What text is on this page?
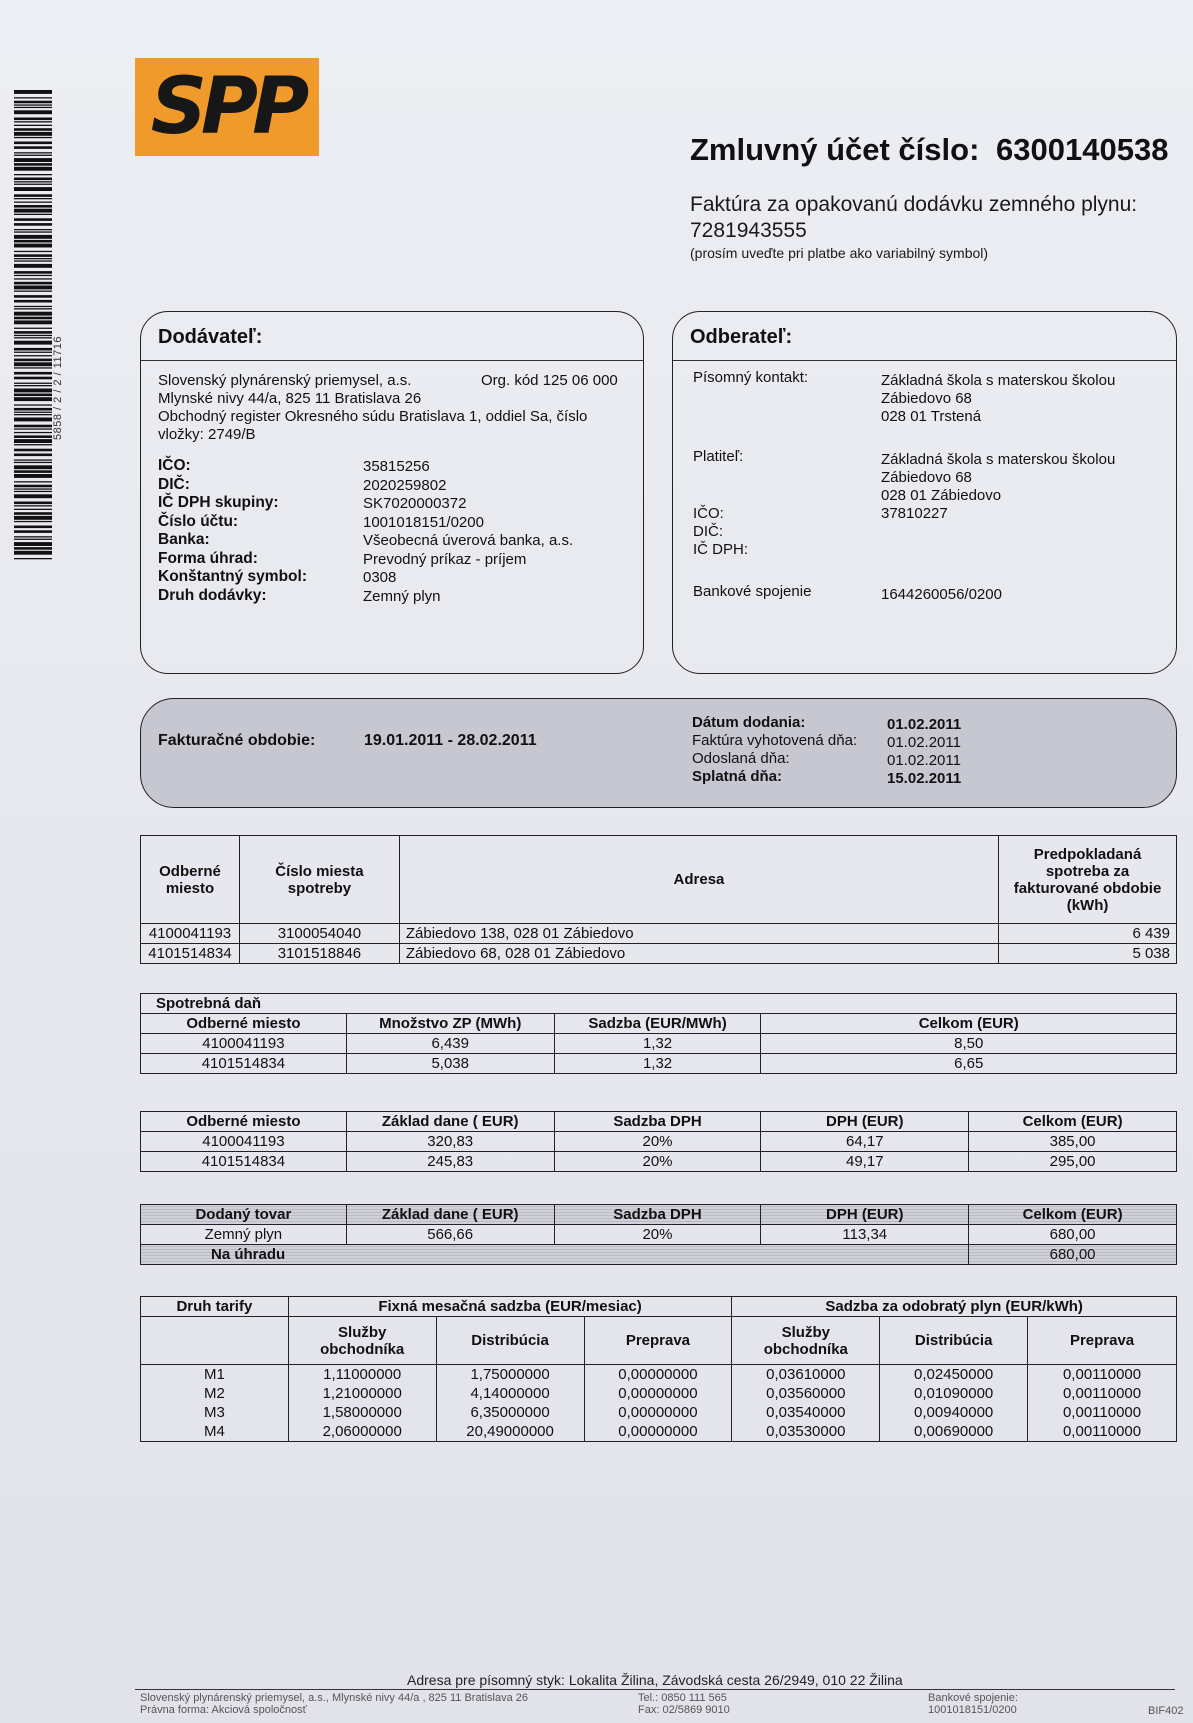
5858 / 2 / 2 / 11716
SPP	Zmluvný účet číslo: 6300140538
Faktúra za opakovanú dodávku zemného plynu:
7281943555
(prosím uveďte pri platbe ako variabilný symbol)
Dodávateľ:
Slovenský plynárenský priemysel, a.s.	Org. kód 125 06 000
Mlynské nivy 44/a, 825 11 Bratislava 26
Obchodný register Okresného súdu Bratislava 1, oddiel Sa, číslo
vložky: 2749/B
IČO:	35815256
DIČ:	2020259802
IČ DPH skupiny:	SK7020000372
Číslo účtu:	1001018151/0200
Banka:	Všeobecná úverová banka, a.s.
Forma úhrad:	Prevodný príkaz - príjem
Konštantný symbol:	0308
Druh dodávky:	Zemný plyn
Odberateľ:
Písomný kontakt:	Základná škola s materskou školou
Zábiedovo 68
028 01 Trstená
Platiteľ:	Základná škola s materskou školou
Zábiedovo 68
028 01 Zábiedovo
IČO:	37810227
DIČ:
IČ DPH:
Bankové spojenie	1644260056/0200
Fakturačné obdobie:	19.01.2011 - 28.02.2011
Dátum dodania:	01.02.2011
Faktúra vyhotovená dňa: 01.02.2011
Odoslaná dňa:	01.02.2011
Splatná dňa:	15.02.2011
Odberné miesto	Číslo miesta spotreby	Adresa	Predpokladaná spotreba za fakturované obdobie (kWh)
4100041193	3100054040	Zábiedovo 138, 028 01 Zábiedovo	6 439
4101514834	3101518846	Zábiedovo 68, 028 01 Zábiedovo	5 038
Spotrebná daň			
Odberné miesto	Množstvo ZP (MWh)	Sadzba (EUR/MWh)	Celkom (EUR)
4100041193	6,439	1,32	8,50
4101514834	5,038	1,32	6,65
Odberné miesto	Základ dane ( EUR)	Sadzba DPH	DPH (EUR)	Celkom (EUR)
4100041193	320,83	20%	64,17	385,00
4101514834	245,83	20%	49,17	295,00
Dodaný tovar	Základ dane ( EUR)	Sadzba DPH	DPH (EUR)	Celkom (EUR)
Zemný plyn	566,66	20%	113,34	680,00
Na úhradu				680,00
Druh tarify	Fixná mesačná sadzba (EUR/mesiac)			Sadzba za odobratý plyn (EUR/kWh)		
	Služby obchodníka	Distribúcia	Preprava	Služby obchodníka	Distribúcia	Preprava
M1	1,11000000	1,75000000	0,00000000	0,03610000	0,02450000	0,00110000
M2	1,21000000	4,14000000	0,00000000	0,03560000	0,01090000	0,00110000
M3	1,58000000	6,35000000	0,00000000	0,03540000	0,00940000	0,00110000
M4	2,06000000	20,49000000	0,00000000	0,03530000	0,00690000	0,00110000
Adresa pre písomný styk: Lokalita Žilina, Závodská cesta 26/2949, 010 22 Žilina
Slovenský plynárenský priemysel, a.s., Mlynské nivy 44/a , 825 11 Bratislava 26
Právna forma: Akciová spoločnosť
Tel.: 0850 111 565
Fax: 02/5869 9010
Bankové spojenie:
1001018151/0200	BIF402
